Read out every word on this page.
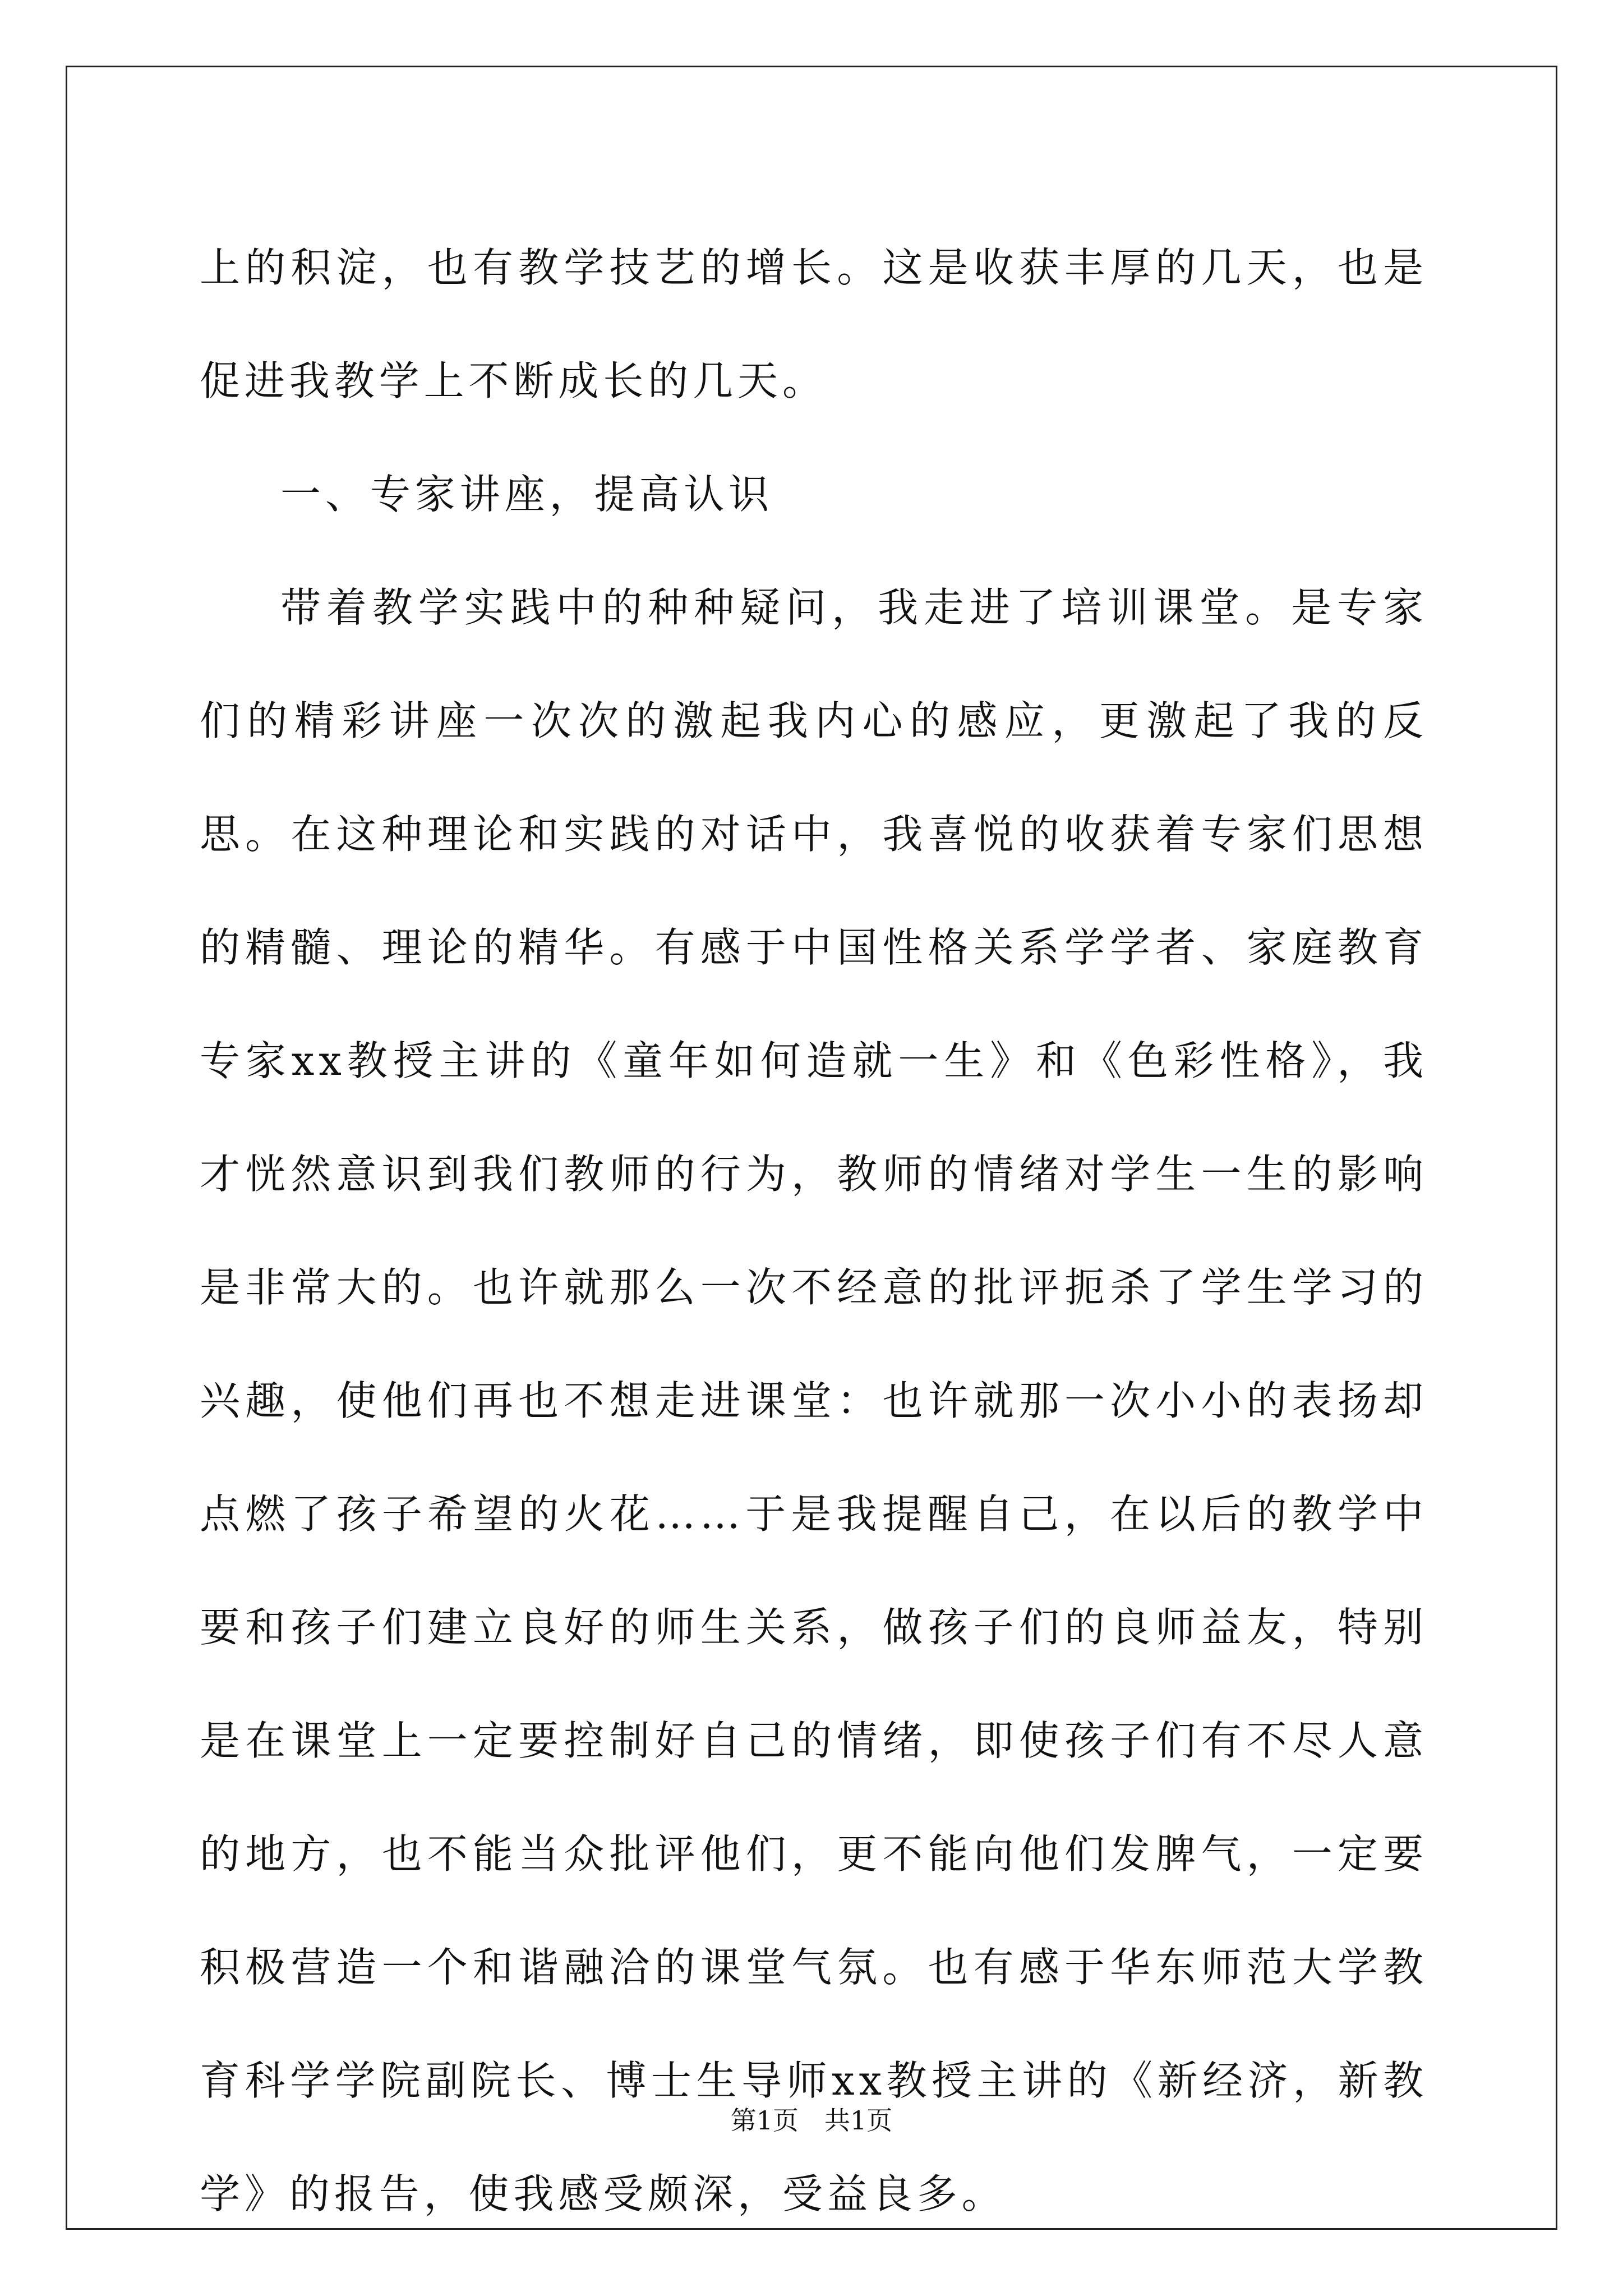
上的积淀，也有教学技艺的增长。这是收获丰厚的几天，也是促进我教学上不断成长的几天。

一、专家讲座，提高认识

带着教学实践中的种种疑问，我走进了培训课堂。是专家们的精彩讲座一次次的激起我内心的感应，更激起了我的反思。在这种理论和实践的对话中，我喜悦的收获着专家们思想的精髓、理论的精华。有感于中国性格关系学学者、家庭教育专家xx教授主讲的《童年如何造就一生》和《色彩性格》，我才恍然意识到我们教师的行为，教师的情绪对学生一生的影响是非常大的。也许就那么一次不经意的批评扼杀了学生学习的兴趣，使他们再也不想走进课堂：也许就那一次小小的表扬却点燃了孩子希望的火花……于是我提醒自己，在以后的教学中要和孩子们建立良好的师生关系，做孩子们的良师益友，特别是在课堂上一定要控制好自己的情绪，即使孩子们有不尽人意的地方，也不能当众批评他们，更不能向他们发脾气，一定要积极营造一个和谐融洽的课堂气氛。也有感于华东师范大学教育科学学院副院长、博士生导师xx教授主讲的《新经济，新教学》的报告，使我感受颇深，受益良多。

第1页　共1页
